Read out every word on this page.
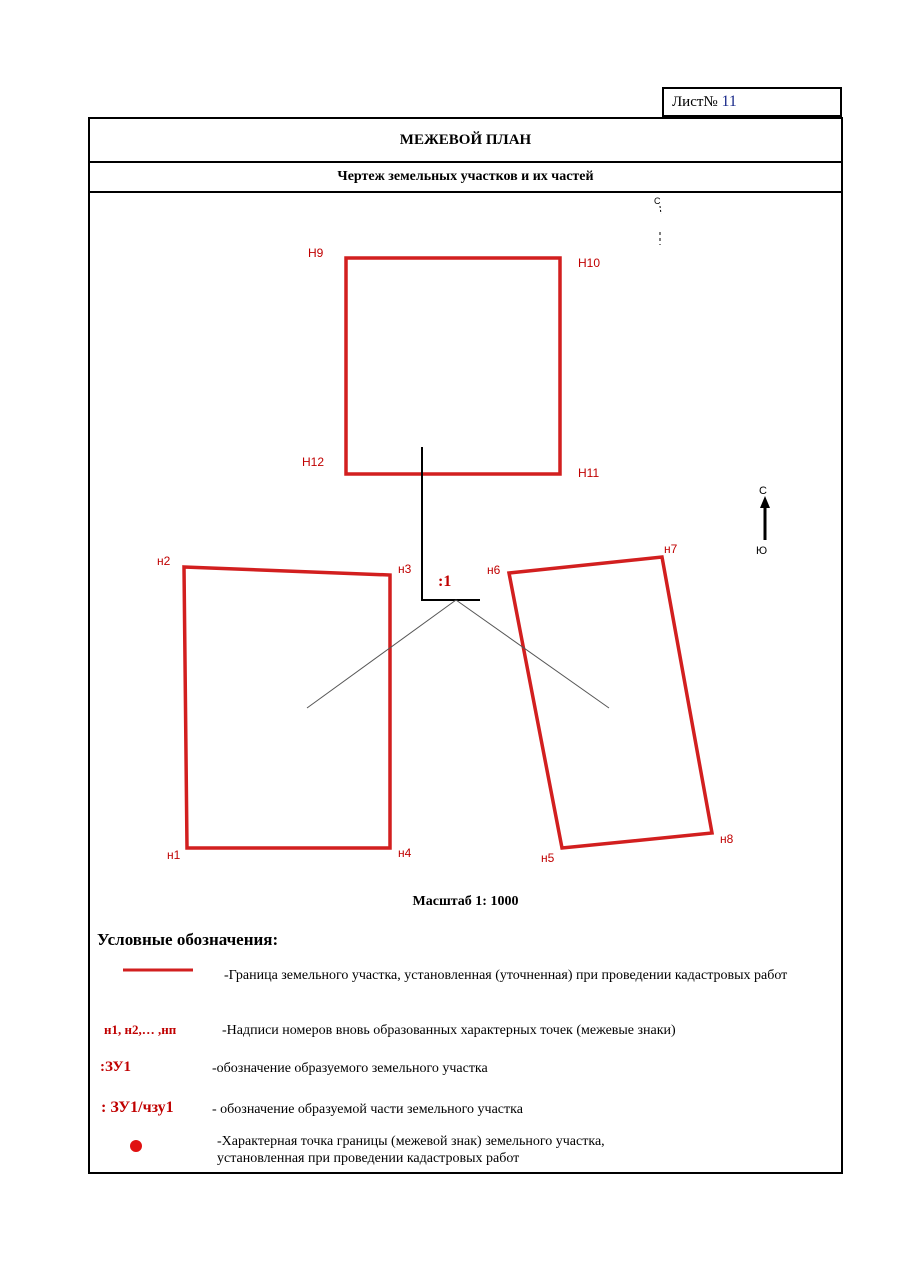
Лист№ 11
МЕЖЕВОЙ ПЛАН
Чертеж земельных участков и их частей
С
:1
Н9
Н10
Н11
Н12
н2
н3
н1	н4
н6
н7
н8
н5
С
Ю
Масштаб 1: 1000
Условные обозначения:
-Граница земельного участка, установленная (уточненная) при проведении кадастровых работ
н1, н2,… ,нп	-Надписи номеров вновь образованных характерных точек (межевые знаки)
:ЗУ1	-обозначение образуемого земельного участка
: ЗУ1/чзу1	- обозначение образуемой части земельного участка
-Характерная точка границы (межевой знак) земельного участка, установленная при проведении кадастровых работ
